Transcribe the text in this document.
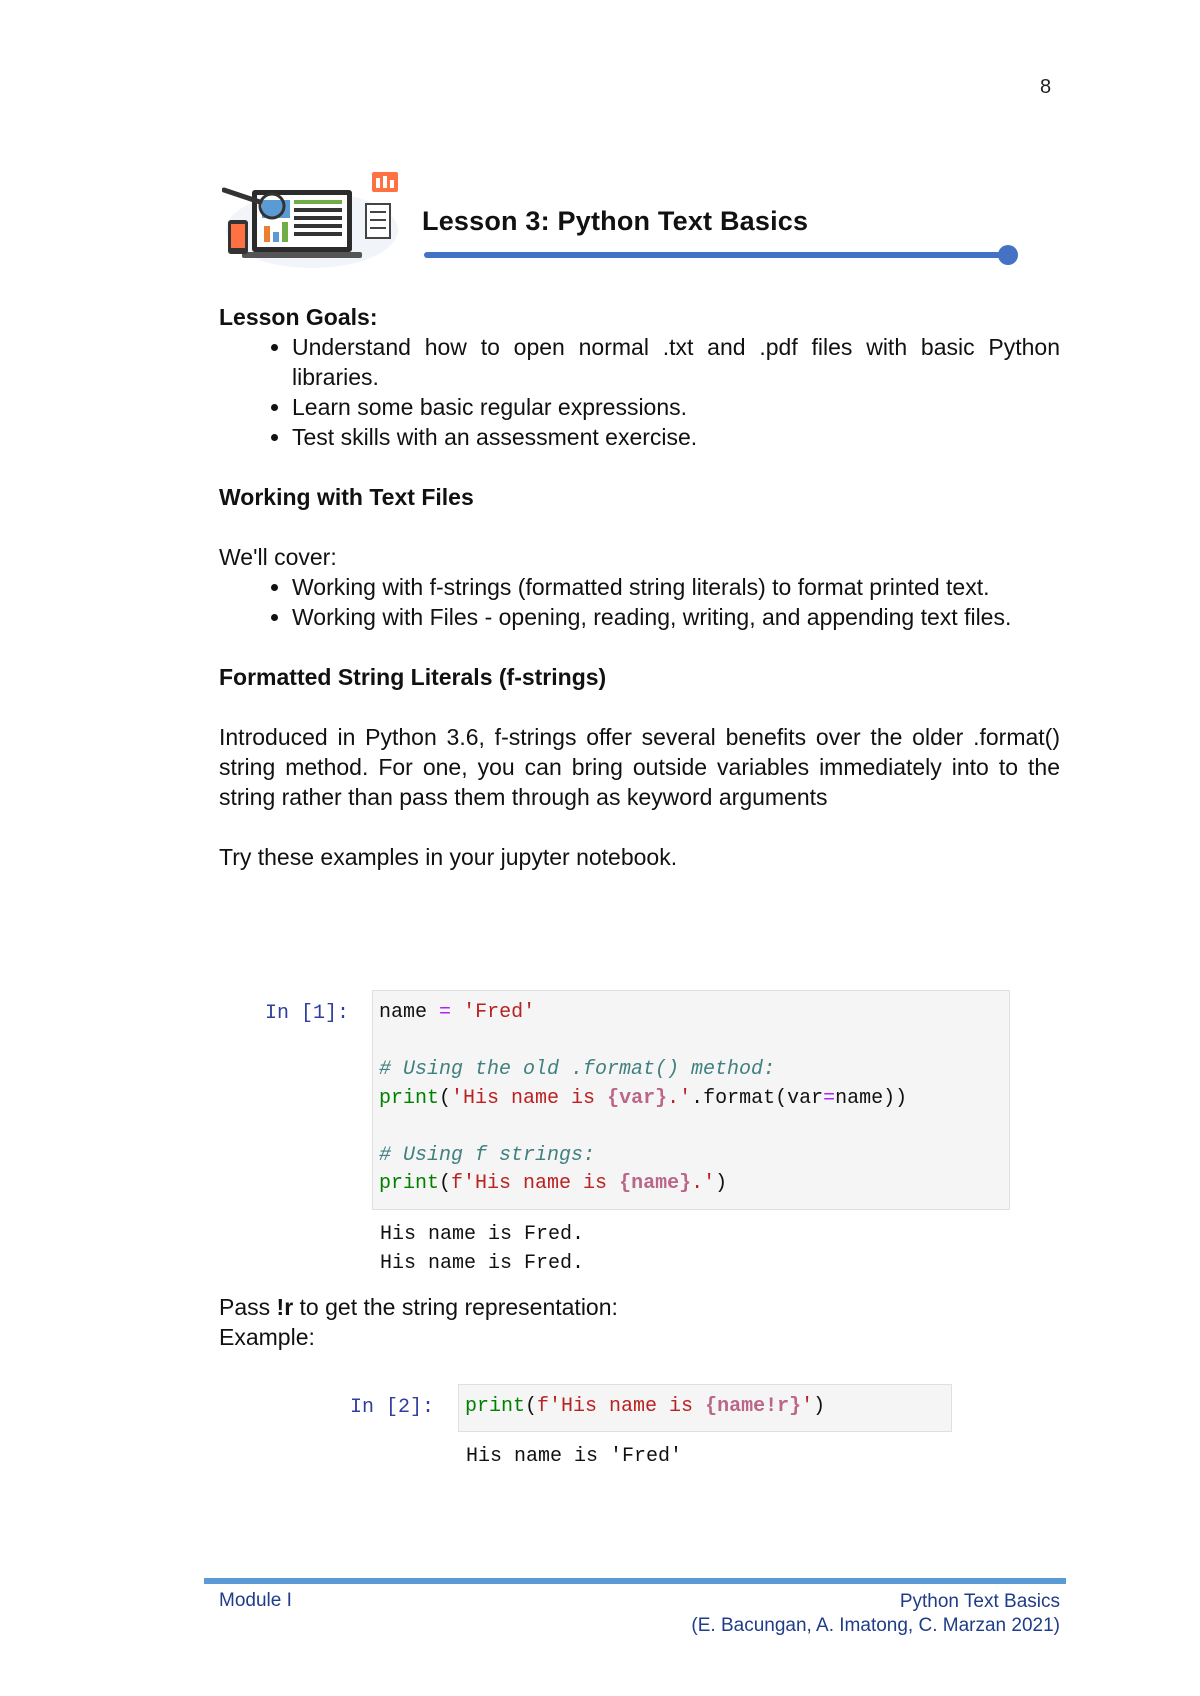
8
Lesson 3: Python Text Basics

Lesson Goals:

• Understand how to open normal .txt and .pdf files with basic Python libraries.
• Learn some basic regular expressions.
• Test skills with an assessment exercise.

Working with Text Files

We'll cover:

• Working with f-strings (formatted string literals) to format printed text.
• Working with Files - opening, reading, writing, and appending text files.

Formatted String Literals (f-strings)

Introduced in Python 3.6, f-strings offer several benefits over the older .format() string method. For one, you can bring outside variables immediately into to the string rather than pass them through as keyword arguments

Try these examples in your jupyter notebook.

In [1]: name = 'Fred'
# Using the old .format() method:
print('His name is {var}.'.format(var=name))
# Using f strings:
print(f'His name is {name}.')
His name is Fred.
His name is Fred.
Pass !r to get the string representation:
Example:
In [2]: print(f'His name is {name!r}')
His name is 'Fred'
Module I	Python Text Basics
(E. Bacungan, A. Imatong, C. Marzan 2021)
